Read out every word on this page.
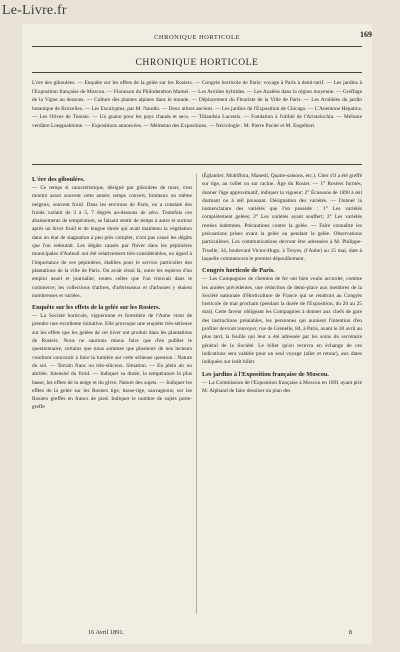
Le-Livre.fr
CHRONIQUE HORTICOLE	169
CHRONIQUE HORTICOLE
L'ère des giboulées. — Enquête sur les effets de la gelée sur les Rosiers. — Congrès horticole de Paris; voyage à Paris à demi-tarif. — Les jardins à l'Exposition française de Moscou. — Floraison du Philodendron Mamei. — Les Aroïdes hybrides. — Les Azalées dans la région moyenne. — Greffage de la Vigne au dessous. — Culture des plantes alpines dans le monde. — Déplacement du Fleuriste de la Ville de Paris. — Les Aroïdées du jardin botanique de Bruxelles. — Les Eucalyptus, par M. Naudin. — Deux arbres anciens. — Les jardins de l'Exposition de Chicago. — L'Anemone Hepatica. — Les Olives de Tunisie. — Un guano pour les pays chauds et secs. — Tillandsia Lucestis. — Fondation à l'utilité de l'Aristolochia. — Mélonie verdâtre Loeppiahtione. — Expositions annoncées. — Mémento des Expositions. — Nécrologie : M. Pierre Pacier et M. Engelbert.
L'ère des giboulées.

— Ce temps si caractéristique, désigné par giboulées de mars, s'est montré assez souvent cette année; temps couvert, brumeux ou même neigeux, souvent froid. Dans les environs de Paris, on a constaté des froids variant de 3 à 5, 7 degrés au-dessous de zéro. Toutefois ces abaissements de température, se faisant sentir de temps à autre et surtout après un hiver froid et de longue durée qui avait maintenu la végétation dans un état de stagnation à peu près complet, n'ont pas causé les dégâts que l'on redoutait. Les dégâts causés par l'hiver dans les pépinières municipales d'Auteuil ont été relativement très-considérables, eu égard à l'importance de ces pépinières, établies pour le service particulier des plantations de la ville de Paris. On avait réuni là, outre les espèces d'un emploi usuel et journalier, toutes celles que l'on trouvait dans le commerce; les collections d'arbres, d'arbrisseaux et d'arbustes y étaient nombreuses et variées.

Enquête sur les effets de la gelée sur les Rosiers.

— La Société horticole, vigneronne et forestière de l'Aube vient de prendre une excellente initiative. Elle provoque une enquête très-sérieuse sur les effets que les gelées de cet hiver ont produit dans les plantations de Rosiers. Nous ne saurions mieux faire que d'en publier le questionnaire, certains que nous sommes que plusieurs de nos lecteurs voudront concourir à faire la lumière sur cette sérieuse question : Nature du sol. — Terrain franc ou très-siliceux. Situation. — En plein air ou abritée. Intensité du froid. — Indiquer sa durée, la température la plus basse, les effets de la neige et du givre. Nature des sujets. — Indiquer les effets de la gelée sur les Rosiers tige, basse-tige, sauvageons; sur les Rosiers greffés en francs de pied. Indiquer le nombre de sujets porte-greffe

(Églantier, Multiflora, Manetti, Quatre-saisons, etc.). Citer s'il a été greffé sur tige, au collet ou sur racine. Âge du Rosier. — 1° Rosiers formés, donner l'âge approximatif, indiquer la vigueur; 2° Écussons de 1890 à œil dormant ou à œil poussant. Désignation des variétés. — Donner la nomenclature des variétés que l'on possède : 1° Les variétés complètement gelées; 2° Les variétés ayant souffert; 3° Les variétés restées indemnes. Précautions contre la gelée. — Faire connaître les précautions prises avant la gelée ou pendant la gelée. Observations particulières. Les communications devront être adressées à M. Philippe-Truelle, 34, boulevard Victor-Hugo, à Troyes, (l'Aube) au 15 mai, date à laquelle commencera le premier dépouillement.

Congrès horticole de Paris.

— Les Compagnies de chemins de fer ont bien voulu accorder, comme les années précédentes, une réduction de demi-place aux membres de la Société nationale d'Horticulture de France qui se rendront au Congrès horticole de mai prochain (pendant la durée de l'Exposition, du 20 au 25 mai). Cette faveur obligeant les Compagnies à donner aux chefs de gare des instructions préalables, les personnes qui auraient l'intention d'en profiter devront renvoyer, rue de Grenelle, 84, à Paris, avant le 20 avril au plus tard, la feuille qui leur a été adressée par les soins du secrétaire général de la Société. Le billet qu'on recevra en échange de ces indications sera valable pour un seul voyage (aller et retour), aux dates indiquées sur ledit billet.

Les jardins à l'Exposition française de Moscou.

— La Commission de l'Exposition française à Moscou en 1891 ayant prié M. Alphand de faire dessiner un plan des

16 Avril 1891.	8
